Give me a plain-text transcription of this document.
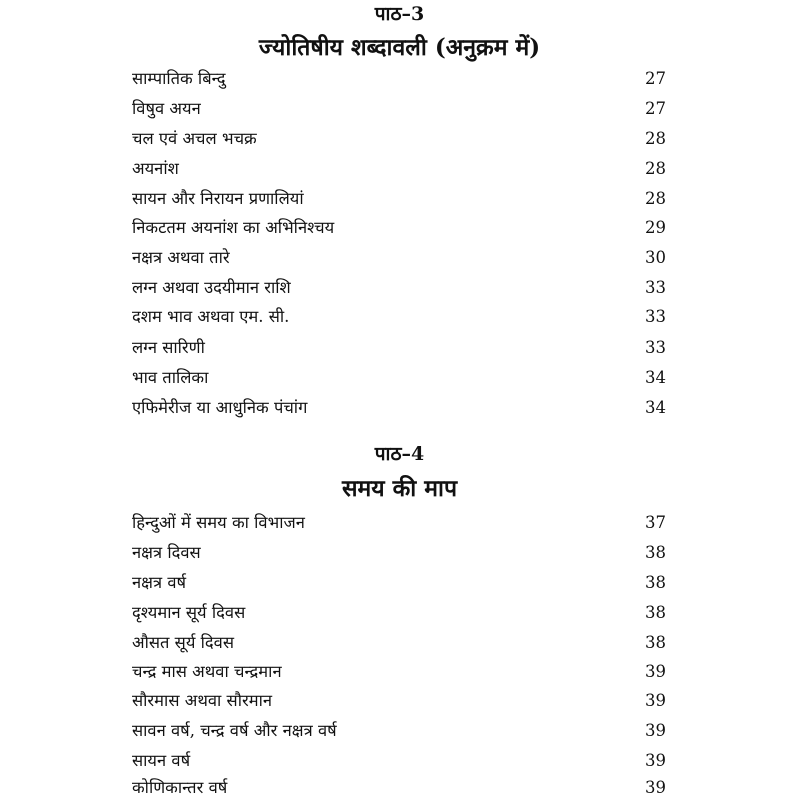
पाठ–3
ज्योतिषीय शब्दावली (अनुक्रम में)
साम्पातिक बिन्दु	27
विषुव अयन	27
चल एवं अचल भचक्र	28
अयनांश	28
सायन और निरायन प्रणालियां	28
निकटतम अयनांश का अभिनिश्चय	29
नक्षत्र अथवा तारे	30
लग्न अथवा उदयीमान राशि	33
दशम भाव अथवा एम. सी.	33
लग्न सारिणी	33
भाव तालिका	34
एफिमेरीज या आधुनिक पंचांग	34
पाठ–4
समय की माप
हिन्दुओं में समय का विभाजन	37
नक्षत्र दिवस	38
नक्षत्र वर्ष	38
दृश्यमान सूर्य दिवस	38
औसत सूर्य दिवस	38
चन्द्र मास अथवा चन्द्रमान	39
सौरमास अथवा सौरमान	39
सावन वर्ष, चन्द्र वर्ष और नक्षत्र वर्ष	39
सायन वर्ष	39
कोणिकान्तर वर्ष	39
